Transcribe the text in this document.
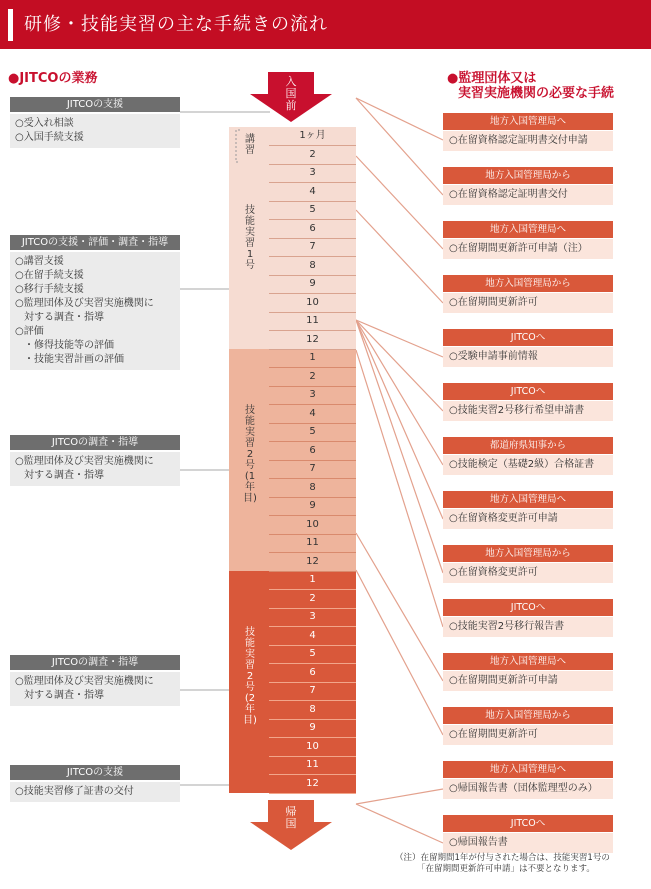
研修・技能実習の主な手続きの流れ
●JITCOの業務	●監理団体又は
実習実施機関の必要な手続
入国前
帰国
JITCOの支援
○受入れ相談
○入国手続支援
JITCOの支援・評価・調査・指導
○講習支援
○在留手続支援
○移行手続支援
○監理団体及び実習実施機関に
対する調査・指導
○評価
・修得技能等の評価
・技能実習計画の評価
JITCOの調査・指導
○監理団体及び実習実施機関に
対する調査・指導
JITCOの調査・指導
○監理団体及び実習実施機関に
対する調査・指導
JITCOの支援
○技能実習修了証書の交付
講習
技能実習1号
技能実習2号(1年目)
技能実習2号(2年目)
1ヶ月
2
3
4
5
6
7
8
9
10
11
12
1
2
3
4
5
6
7
8
9
10
11
12
1
2
3
4
5
6
7
8
9
10
11
12
地方入国管理局へ
○在留資格認定証明書交付申請
地方入国管理局から
○在留資格認定証明書交付
地方入国管理局へ
○在留期間更新許可申請（注）
地方入国管理局から
○在留期間更新許可
JITCOへ
○受験申請事前情報
JITCOへ
○技能実習2号移行希望申請書
都道府県知事から
○技能検定（基礎2級）合格証書
地方入国管理局へ
○在留資格変更許可申請
地方入国管理局から
○在留資格変更許可
JITCOへ
○技能実習2号移行報告書
地方入国管理局へ
○在留期間更新許可申請
地方入国管理局から
○在留期間更新許可
地方入国管理局へ
○帰国報告書（団体監理型のみ）
JITCOへ
○帰国報告書
（注）在留期間1年が付与された場合は、技能実習1号の
「在留期間更新許可申請」は不要となります。
